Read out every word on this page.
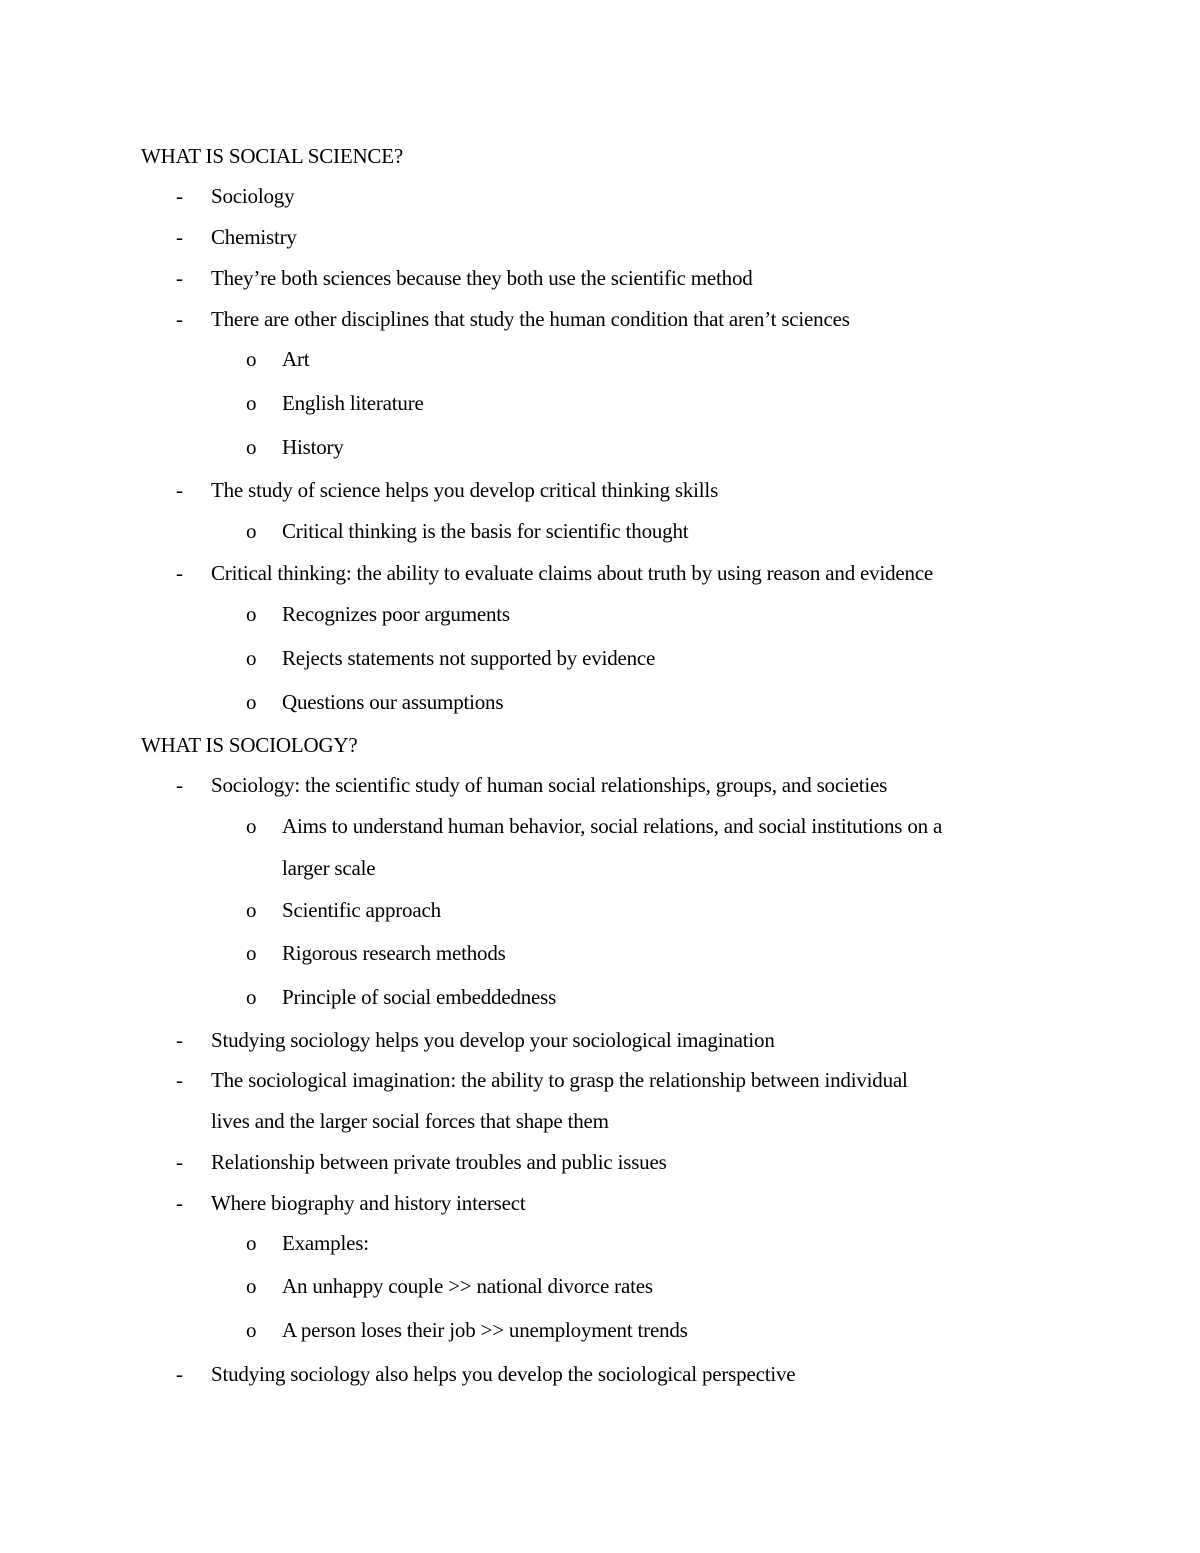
WHAT IS SOCIAL SCIENCE?
Sociology
-
Chemistry
-
They’re both sciences because they both use the scientific method
-
There are other disciplines that study the human condition that aren’t sciences
-
Art
o
English literature
o
History
o
The study of science helps you develop critical thinking skills
-
Critical thinking is the basis for scientific thought
o
Critical thinking: the ability to evaluate claims about truth by using reason and evidence
-
Recognizes poor arguments
o
Rejects statements not supported by evidence
o
Questions our assumptions
o
WHAT IS SOCIOLOGY?
Sociology: the scientific study of human social relationships, groups, and societies
-
Aims to understand human behavior, social relations, and social institutions on a
o
larger scale
Scientific approach
o
Rigorous research methods
o
Principle of social embeddedness
o
Studying sociology helps you develop your sociological imagination
-
The sociological imagination: the ability to grasp the relationship between individual
-
lives and the larger social forces that shape them
Relationship between private troubles and public issues
-
Where biography and history intersect
-
Examples:
o
An unhappy couple >> national divorce rates
o
A person loses their job >> unemployment trends
o
Studying sociology also helps you develop the sociological perspective
-
